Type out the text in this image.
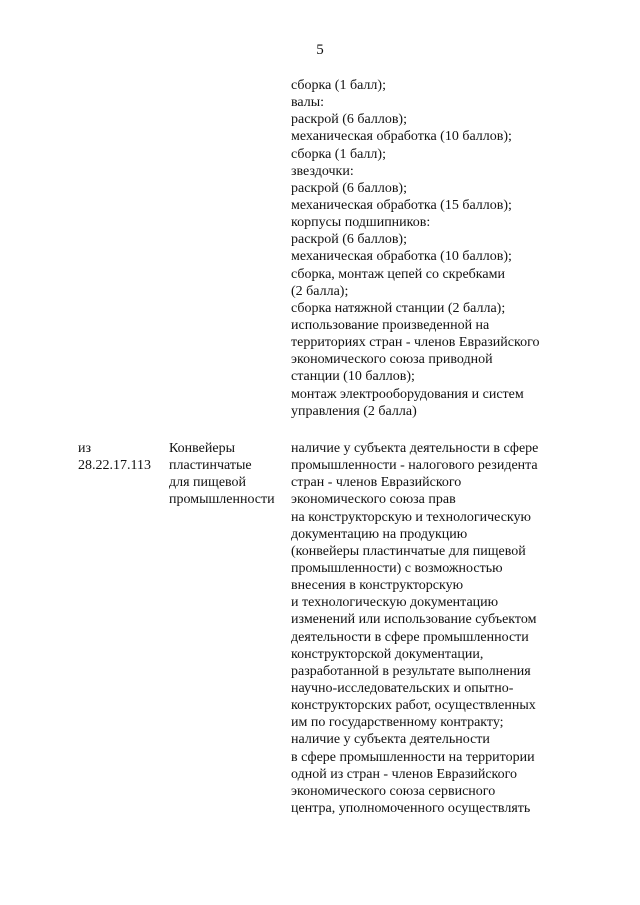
5
сборка (1 балл);
валы:
раскрой (6 баллов);
механическая обработка (10 баллов);
сборка (1 балл);
звездочки:
раскрой (6 баллов);
механическая обработка (15 баллов);
корпусы подшипников:
раскрой (6 баллов);
механическая обработка (10 баллов);
сборка, монтаж цепей со скребками
(2 балла);
сборка натяжной станции (2 балла);
использование произведенной на
территориях стран - членов Евразийского
экономического союза приводной
станции (10 баллов);
монтаж электрооборудования и систем
управления (2 балла)
из
28.22.17.113
Конвейеры
пластинчатые
для пищевой
промышленности
наличие у субъекта деятельности в сфере
промышленности - налогового резидента
стран - членов Евразийского
экономического союза прав
на конструкторскую и технологическую
документацию на продукцию
(конвейеры пластинчатые для пищевой
промышленности) с возможностью
внесения в конструкторскую
и технологическую документацию
изменений или использование субъектом
деятельности в сфере промышленности
конструкторской документации,
разработанной в результате выполнения
научно-исследовательских и опытно-
конструкторских работ, осуществленных
им по государственному контракту;
наличие у субъекта деятельности
в сфере промышленности на территории
одной из стран - членов Евразийского
экономического союза сервисного
центра, уполномоченного осуществлять
